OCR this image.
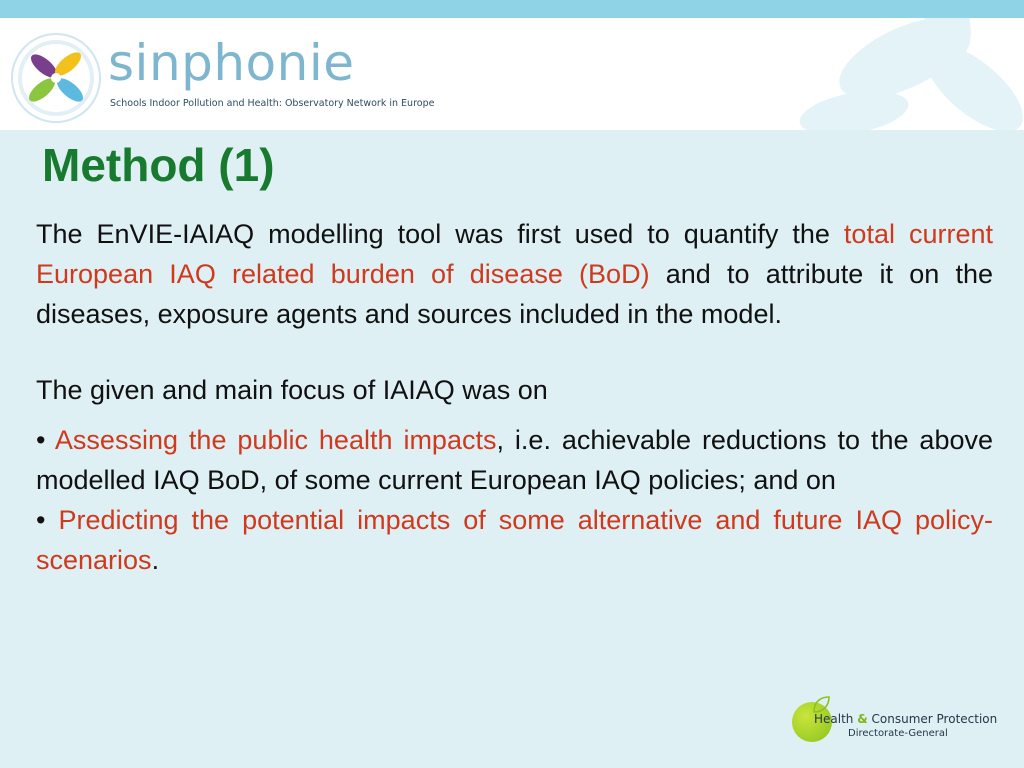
sinphonie
Schools Indoor Pollution and Health: Observatory Network in Europe
Method (1)

The EnVIE-IAIAQ modelling tool was first used to quantify the total current European IAQ related burden of disease (BoD) and to attribute it on the diseases, exposure agents and sources included in the model.

The given and main focus of IAIAQ was on

• Assessing the public health impacts, i.e. achievable reductions to the above modelled IAQ BoD, of some current European IAQ policies; and on

• Predicting the potential impacts of some alternative and future IAQ policy-scenarios.

Health & Consumer Protection
Directorate-General
